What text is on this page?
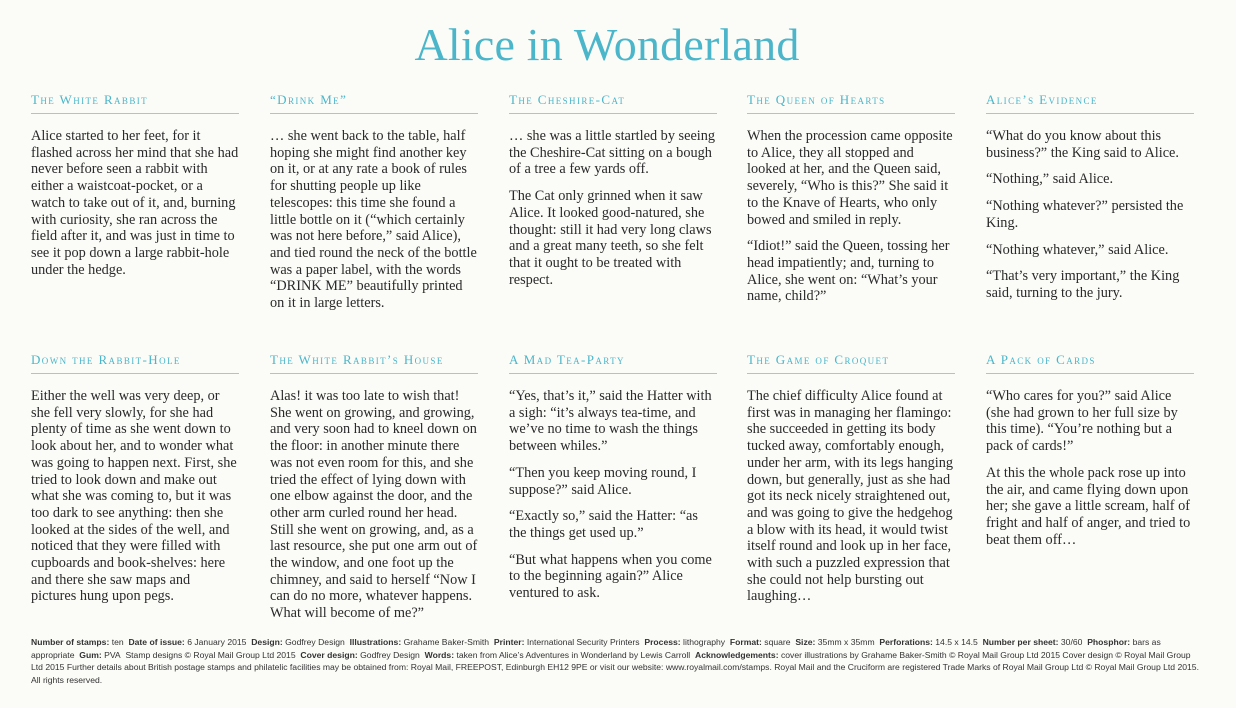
Alice in Wonderland
The White Rabbit

Alice started to her feet, for it flashed across her mind that she had never before seen a rabbit with either a waistcoat-pocket, or a watch to take out of it, and, burning with curiosity, she ran across the field after it, and was just in time to see it pop down a large rabbit-hole under the hedge.

“Drink Me”

… she went back to the table, half hoping she might find another key on it, or at any rate a book of rules for shutting people up like telescopes: this time she found a little bottle on it (“which certainly was not here before,” said Alice), and tied round the neck of the bottle was a paper label, with the words “DRINK ME” beautifully printed on it in large letters.

The Cheshire-Cat

… she was a little startled by seeing the Cheshire-Cat sitting on a bough of a tree a few yards off.

The Cat only grinned when it saw Alice. It looked good-natured, she thought: still it had very long claws and a great many teeth, so she felt that it ought to be treated with respect.

The Queen of Hearts

When the procession came opposite to Alice, they all stopped and looked at her, and the Queen said, severely, “Who is this?” She said it to the Knave of Hearts, who only bowed and smiled in reply.

“Idiot!” said the Queen, tossing her head impatiently; and, turning to Alice, she went on: “What’s your name, child?”

Alice’s Evidence

“What do you know about this business?” the King said to Alice.

“Nothing,” said Alice.

“Nothing whatever?” persisted the King.

“Nothing whatever,” said Alice.

“That’s very important,” the King said, turning to the jury.

Down the Rabbit-Hole

Either the well was very deep, or she fell very slowly, for she had plenty of time as she went down to look about her, and to wonder what was going to happen next. First, she tried to look down and make out what she was coming to, but it was too dark to see anything: then she looked at the sides of the well, and noticed that they were filled with cupboards and book-shelves: here and there she saw maps and pictures hung upon pegs.

The White Rabbit’s House

Alas! it was too late to wish that! She went on growing, and growing, and very soon had to kneel down on the floor: in another minute there was not even room for this, and she tried the effect of lying down with one elbow against the door, and the other arm curled round her head. Still she went on growing, and, as a last resource, she put one arm out of the window, and one foot up the chimney, and said to herself “Now I can do no more, whatever happens. What will become of me?”

A Mad Tea-Party

“Yes, that’s it,” said the Hatter with a sigh: “it’s always tea-time, and we’ve no time to wash the things between whiles.”

“Then you keep moving round, I suppose?” said Alice.

“Exactly so,” said the Hatter: “as the things get used up.”

“But what happens when you come to the beginning again?” Alice ventured to ask.

The Game of Croquet

The chief difficulty Alice found at first was in managing her flamingo: she succeeded in getting its body tucked away, comfortably enough, under her arm, with its legs hanging down, but generally, just as she had got its neck nicely straightened out, and was going to give the hedgehog a blow with its head, it would twist itself round and look up in her face, with such a puzzled expression that she could not help bursting out laughing…

A Pack of Cards

“Who cares for you?” said Alice (she had grown to her full size by this time). “You’re nothing but a pack of cards!”

At this the whole pack rose up into the air, and came flying down upon her; she gave a little scream, half of fright and half of anger, and tried to beat them off…

Number of stamps: ten Date of issue: 6 January 2015 Design: Godfrey Design Illustrations: Grahame Baker-Smith Printer: International Security Printers Process: lithography Format: square Size: 35mm x 35mm Perforations: 14.5 x 14.5 Number per sheet: 30/60 Phosphor: bars as appropriate Gum: PVA Stamp designs © Royal Mail Group Ltd 2015 Cover design: Godfrey Design Words: taken from Alice’s Adventures in Wonderland by Lewis Carroll Acknowledgements: cover illustrations by Grahame Baker-Smith © Royal Mail Group Ltd 2015 Cover design © Royal Mail Group Ltd 2015 Further details about British postage stamps and philatelic facilities may be obtained from: Royal Mail, FREEPOST, Edinburgh EH12 9PE or visit our website: www.royalmail.com/stamps. Royal Mail and the Cruciform are registered Trade Marks of Royal Mail Group Ltd © Royal Mail Group Ltd 2015. All rights reserved.
